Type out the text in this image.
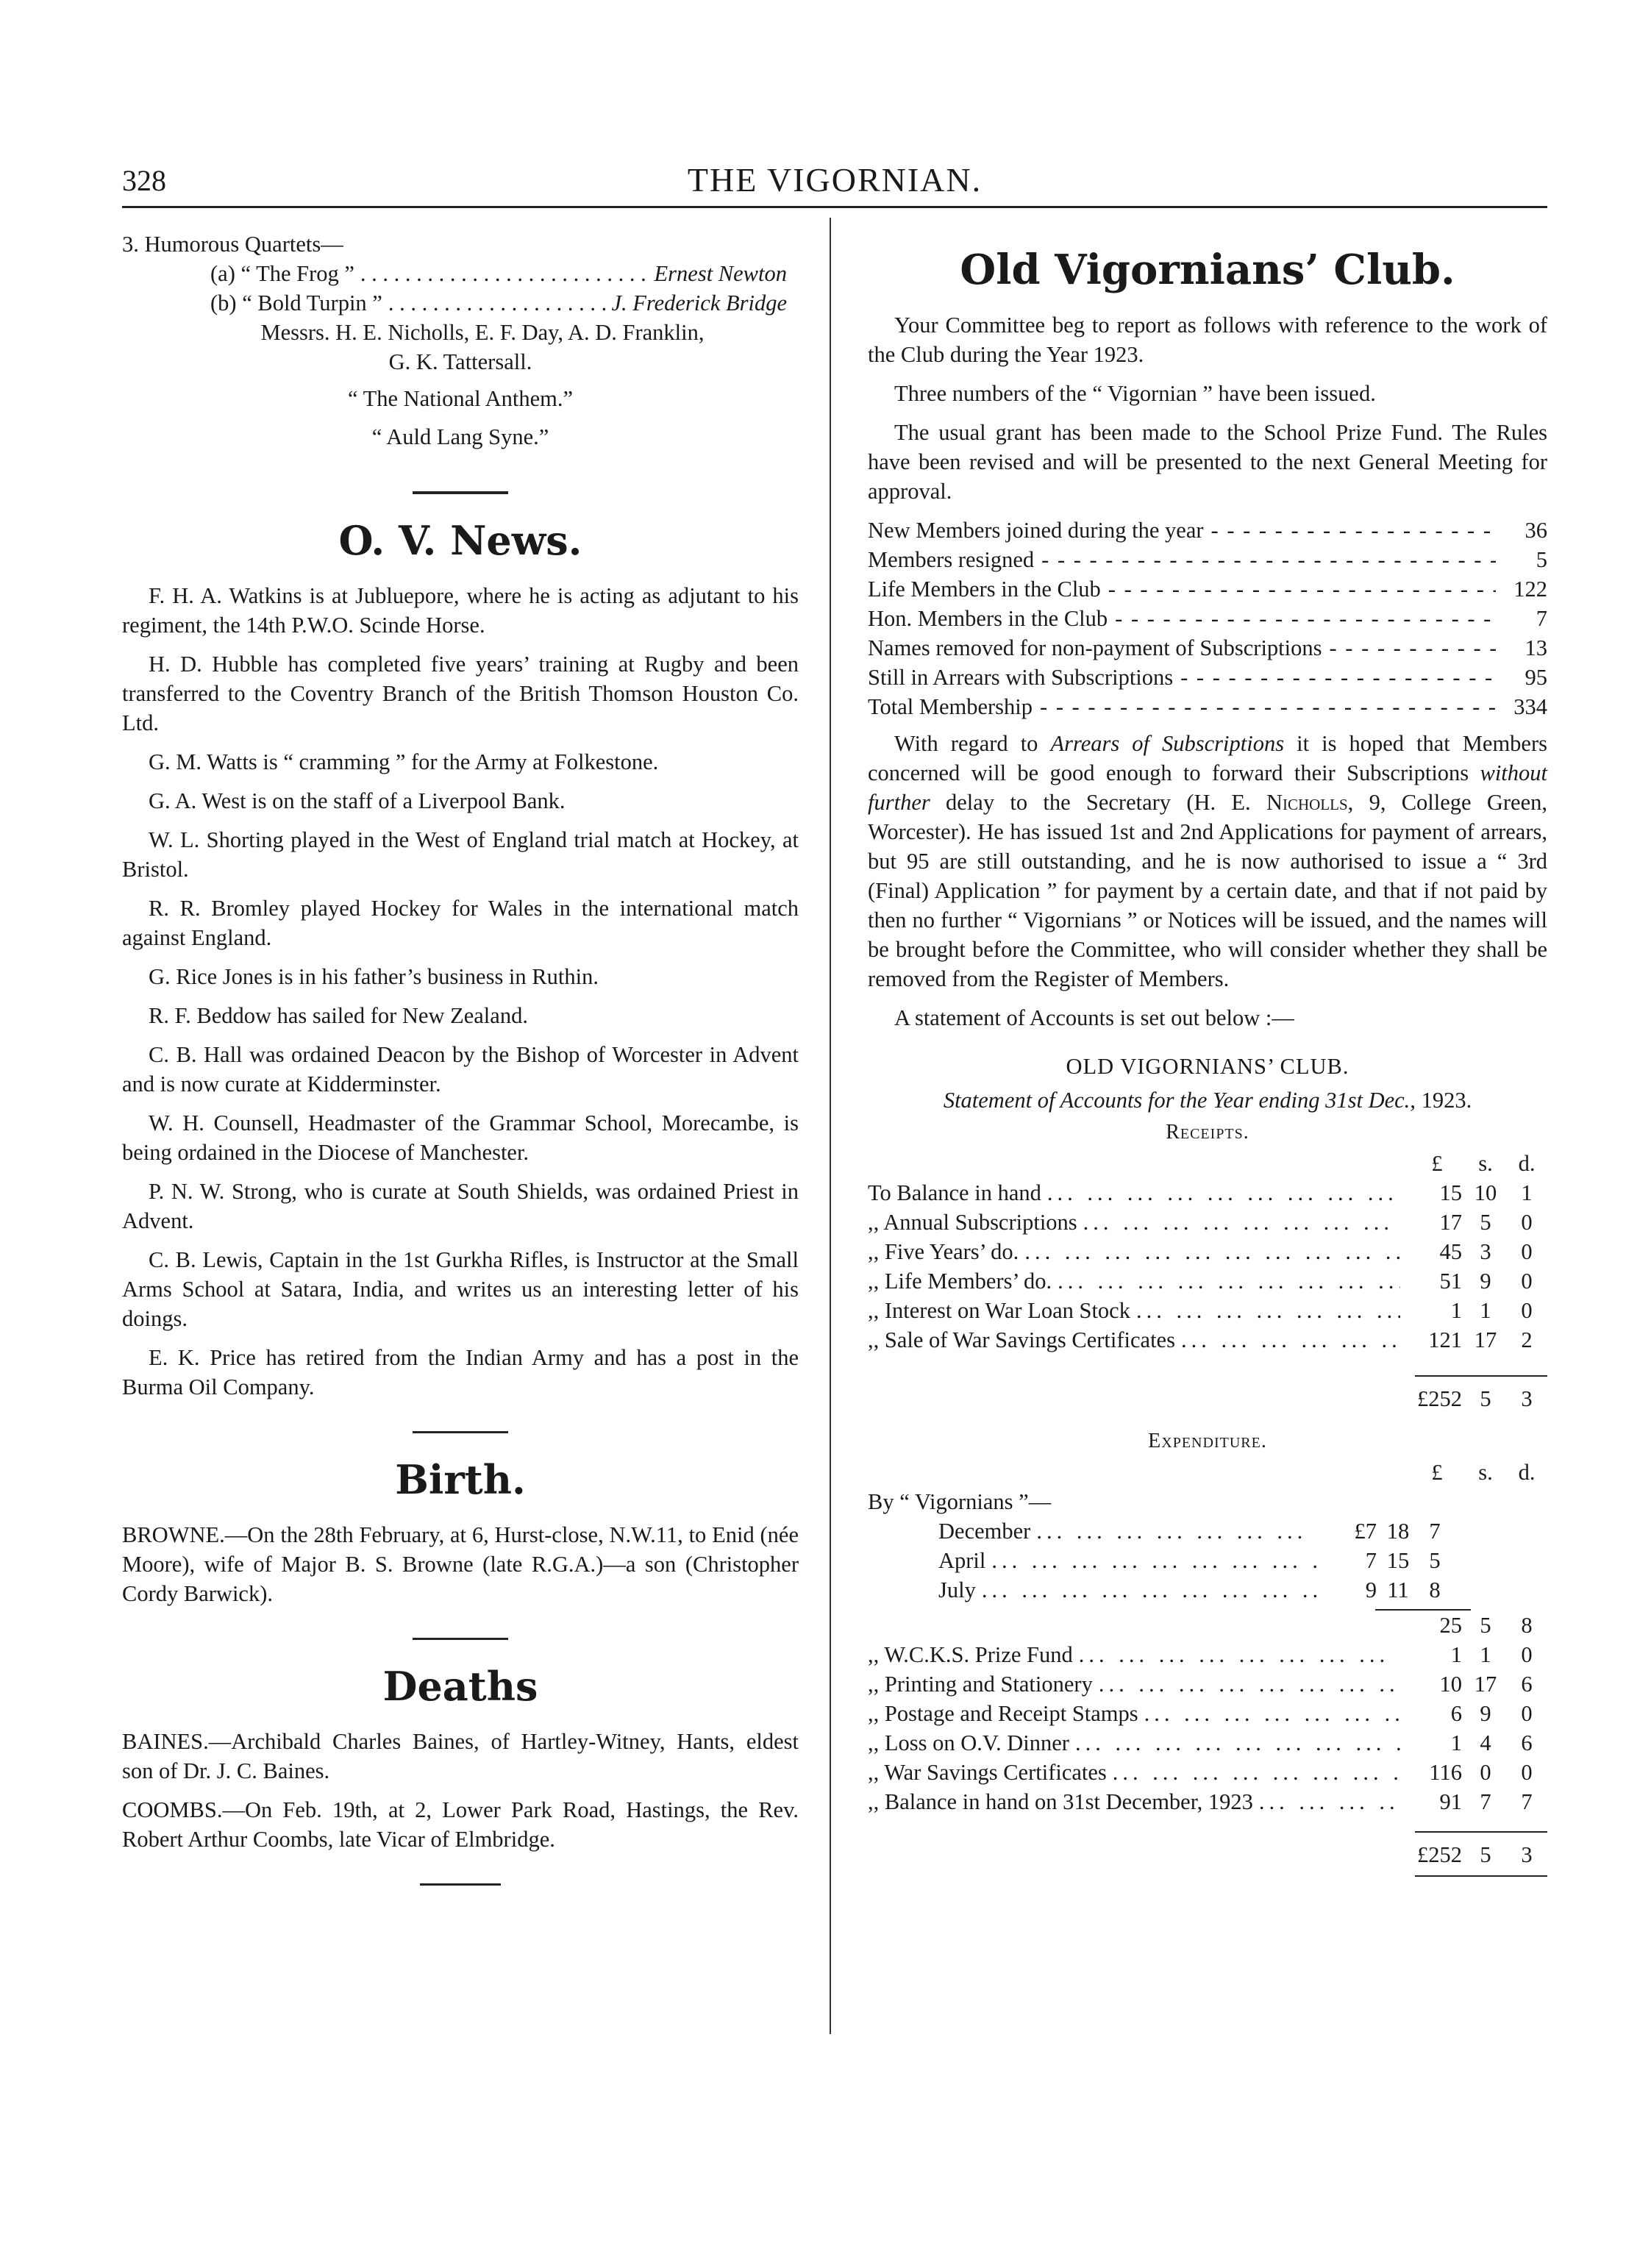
328	THE VIGORNIAN.
3. Humorous Quartets—
(a) “ The Frog ” . . .	Ernest Newton
(b) “ Bold Turpin ” . . .	J. Frederick Bridge
Messrs. H. E. Nicholls, E. F. Day, A. D. Franklin,
G. K. Tattersall.
“ The National Anthem.”
“ Auld Lang Syne.”
O. V. News.

F. H. A. Watkins is at Jubluepore, where he is acting as adjutant to his regiment, the 14th P.W.O. Scinde Horse.

H. D. Hubble has completed five years’ training at Rugby and been transferred to the Coventry Branch of the British Thomson Houston Co. Ltd.

G. M. Watts is “ cramming ” for the Army at Folkestone.

G. A. West is on the staff of a Liverpool Bank.

W. L. Shorting played in the West of England trial match at Hockey, at Bristol.

R. R. Bromley played Hockey for Wales in the international match against England.

G. Rice Jones is in his father’s business in Ruthin.

R. F. Beddow has sailed for New Zealand.

C. B. Hall was ordained Deacon by the Bishop of Worcester in Advent and is now curate at Kidderminster.

W. H. Counsell, Headmaster of the Grammar School, Morecambe, is being ordained in the Diocese of Manchester.

P. N. W. Strong, who is curate at South Shields, was ordained Priest in Advent.

C. B. Lewis, Captain in the 1st Gurkha Rifles, is Instructor at the Small Arms School at Satara, India, and writes us an interesting letter of his doings.

E. K. Price has retired from the Indian Army and has a post in the Burma Oil Company.

Birth.

BROWNE.—On the 28th February, at 6, Hurst-close, N.W.11, to Enid (née Moore), wife of Major B. S. Browne (late R.G.A.)—a son (Christopher Cordy Barwick).

Deaths

BAINES.—Archibald Charles Baines, of Hartley-Witney, Hants, eldest son of Dr. J. C. Baines.

COOMBS.—On Feb. 19th, at 2, Lower Park Road, Hastings, the Rev. Robert Arthur Coombs, late Vicar of Elmbridge.

Old Vigornians’ Club.

Your Committee beg to report as follows with reference to the work of the Club during the Year 1923.

Three numbers of the “ Vigornian ” have been issued.

The usual grant has been made to the School Prize Fund. The Rules have been revised and will be presented to the next General Meeting for approval.

New Members joined during the year - - -	36
Members resigned - - -	5
Life Members in the Club - - -	122
Hon. Members in the Club - - -	7
Names removed for non-payment of Subscriptions - - -	13
Still in Arrears with Subscriptions - - -	95
Total Membership - - -	334

With regard to Arrears of Subscriptions it is hoped that Members concerned will be good enough to forward their Subscriptions without further delay to the Secretary (H. E. Nicholls, 9, College Green, Worcester). He has issued 1st and 2nd Applications for payment of arrears, but 95 are still outstanding, and he is now authorised to issue a “ 3rd (Final) Application ” for payment by a certain date, and that if not paid by then no further “ Vigornians ” or Notices will be issued, and the names will be brought before the Committee, who will consider whether they shall be removed from the Register of Members.

A statement of Accounts is set out below :—

OLD VIGORNIANS’ CLUB.
Statement of Accounts for the Year ending 31st Dec., 1923.
Receipts.
£	s.	d.
To Balance in hand ... .	15 10	1
,, Annual Subscriptions ... .	17 5	0
,, Five Years’ do. ... .	45 3	0
,, Life Members’ do. ... .	51 9	0
,, Interest on War Loan Stock ... .	1 1	0
,, Sale of War Savings Certificates ... .	121 17	2
£252 5	3
Expenditure.
£	s.	d.
By “ Vigornians ”—
December ... .	£7 18 7
April ... .	7 15 5
July ... .	9 11 8
25 5	8
,, W.C.K.S. Prize Fund ... .	1 1	0
,, Printing and Stationery ... .	10 17	6
,, Postage and Receipt Stamps ... .	6 9	0
,, Loss on O.V. Dinner ... .	1 4	6
,, War Savings Certificates ... .	116 0	0
,, Balance in hand on 31st December, 1923 ... .	91 7	7
£252 5	3
